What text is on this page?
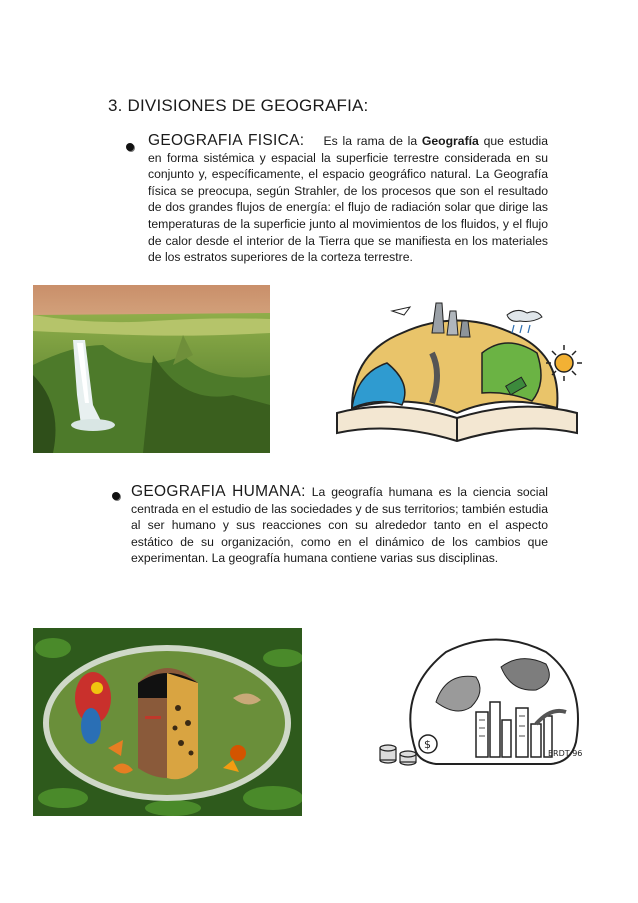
3. DIVISIONES DE GEOGRAFIA:
GEOGRAFIA FISICA: Es la rama de la Geografía que estudia en forma sistémica y espacial la superficie terrestre considerada en su conjunto y, específicamente, el espacio geográfico natural. La Geografía física se preocupa, según Strahler, de los procesos que son el resultado de dos grandes flujos de energía: el flujo de radiación solar que dirige las temperaturas de la superficie junto al movimientos de los fluidos, y el flujo de calor desde el interior de la Tierra que se manifiesta en los materiales de los estratos superiores de la corteza terrestre.
GEOGRAFIA HUMANA: La geografía humana es la ciencia social centrada en el estudio de las sociedades y de sus territorios; también estudia al ser humano y sus reacciones con su alrededor tanto en el aspecto estático de su organización, como en el dinámico de los cambios que experimentan. La geografía humana contiene varias sus disciplinas.
$
ERDT 96
